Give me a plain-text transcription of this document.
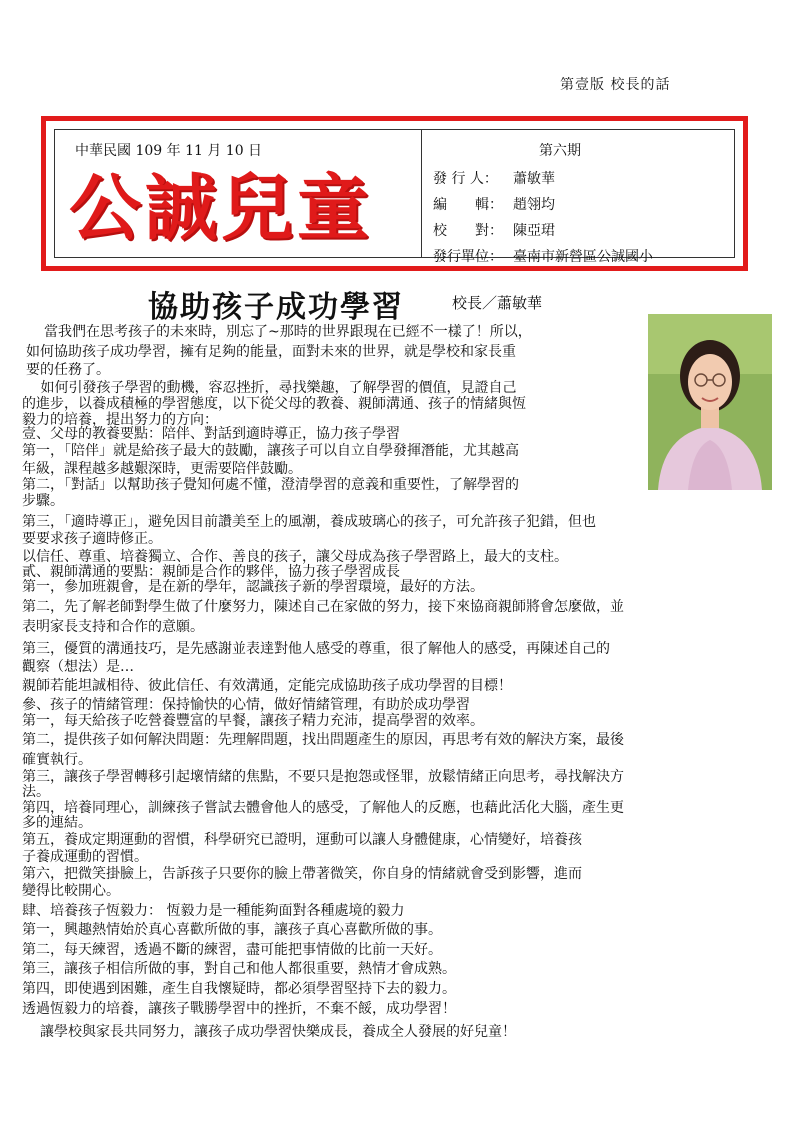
第壹版 校長的話
中華民國 109 年 11 月 10 日
公誠兒童
第六期
發 行 人： 蕭敏華
編　　輯： 趙翎均
校　　對： 陳亞珺
發行單位： 臺南市新營區公誠國小
協助孩子成功學習	校長／蕭敏華
　當我們在思考孩子的未來時，別忘了~那時的世界跟現在已經不一樣了！所以，
如何協助孩子成功學習，擁有足夠的能量，面對未來的世界，就是學校和家長重
要的任務了。
　 如何引發孩子學習的動機，容忍挫折，尋找樂趣，了解學習的價值，見證自己
的進步，以養成積極的學習態度，以下從父母的教養、親師溝通、孩子的情緒與恆
毅力的培養，提出努力的方向：
壹、父母的教養要點：陪伴、對話到適時導正，協力孩子學習
第一，「陪伴」就是給孩子最大的鼓勵，讓孩子可以自立自學發揮潛能，尤其越高
年級，課程越多越艱深時，更需要陪伴鼓勵。
第二，「對話」以幫助孩子覺知何處不懂，澄清學習的意義和重要性，了解學習的
步驟。
第三，「適時導正」，避免因目前讚美至上的風潮，養成玻璃心的孩子，可允許孩子犯錯，但也
要要求孩子適時修正。
以信任、尊重、培養獨立、合作、善良的孩子，讓父母成為孩子學習路上，最大的支柱。
貳、親師溝通的要點：親師是合作的夥伴，協力孩子學習成長
第一，參加班親會，是在新的學年，認識孩子新的學習環境，最好的方法。
第二，先了解老師對學生做了什麼努力，陳述自己在家做的努力，接下來協商親師將會怎麼做，並
表明家長支持和合作的意願。
第三，優質的溝通技巧，是先感謝並表達對他人感受的尊重，很了解他人的感受，再陳述自己的
觀察（想法）是…
親師若能坦誠相待、彼此信任、有效溝通，定能完成協助孩子成功學習的目標！
參、孩子的情緒管理：保持愉快的心情，做好情緒管理，有助於成功學習
第一，每天給孩子吃營養豐富的早餐，讓孩子精力充沛，提高學習的效率。
第二，提供孩子如何解決問題：先理解問題，找出問題產生的原因，再思考有效的解決方案，最後
確實執行。
第三，讓孩子學習轉移引起壞情緒的焦點，不要只是抱怨或怪罪，放鬆情緒正向思考，尋找解決方
法。
第四，培養同理心，訓練孩子嘗試去體會他人的感受，了解他人的反應，也藉此活化大腦，產生更
多的連結。
第五，養成定期運動的習慣，科學研究已證明，運動可以讓人身體健康，心情變好，培養孩
子養成運動的習慣。
第六，把微笑掛臉上，告訴孩子只要你的臉上帶著微笑，你自身的情緒就會受到影響，進而
變得比較開心。
肆、培養孩子恆毅力： 恆毅力是一種能夠面對各種處境的毅力
第一，興趣熱情始於真心喜歡所做的事，讓孩子真心喜歡所做的事。
第二，每天練習，透過不斷的練習，盡可能把事情做的比前一天好。
第三，讓孩子相信所做的事，對自己和他人都很重要，熱情才會成熟。
第四，即使遇到困難，產生自我懷疑時，都必須學習堅持下去的毅力。
透過恆毅力的培養，讓孩子戰勝學習中的挫折，不棄不餒，成功學習！
　讓學校與家長共同努力，讓孩子成功學習快樂成長，養成全人發展的好兒童！
